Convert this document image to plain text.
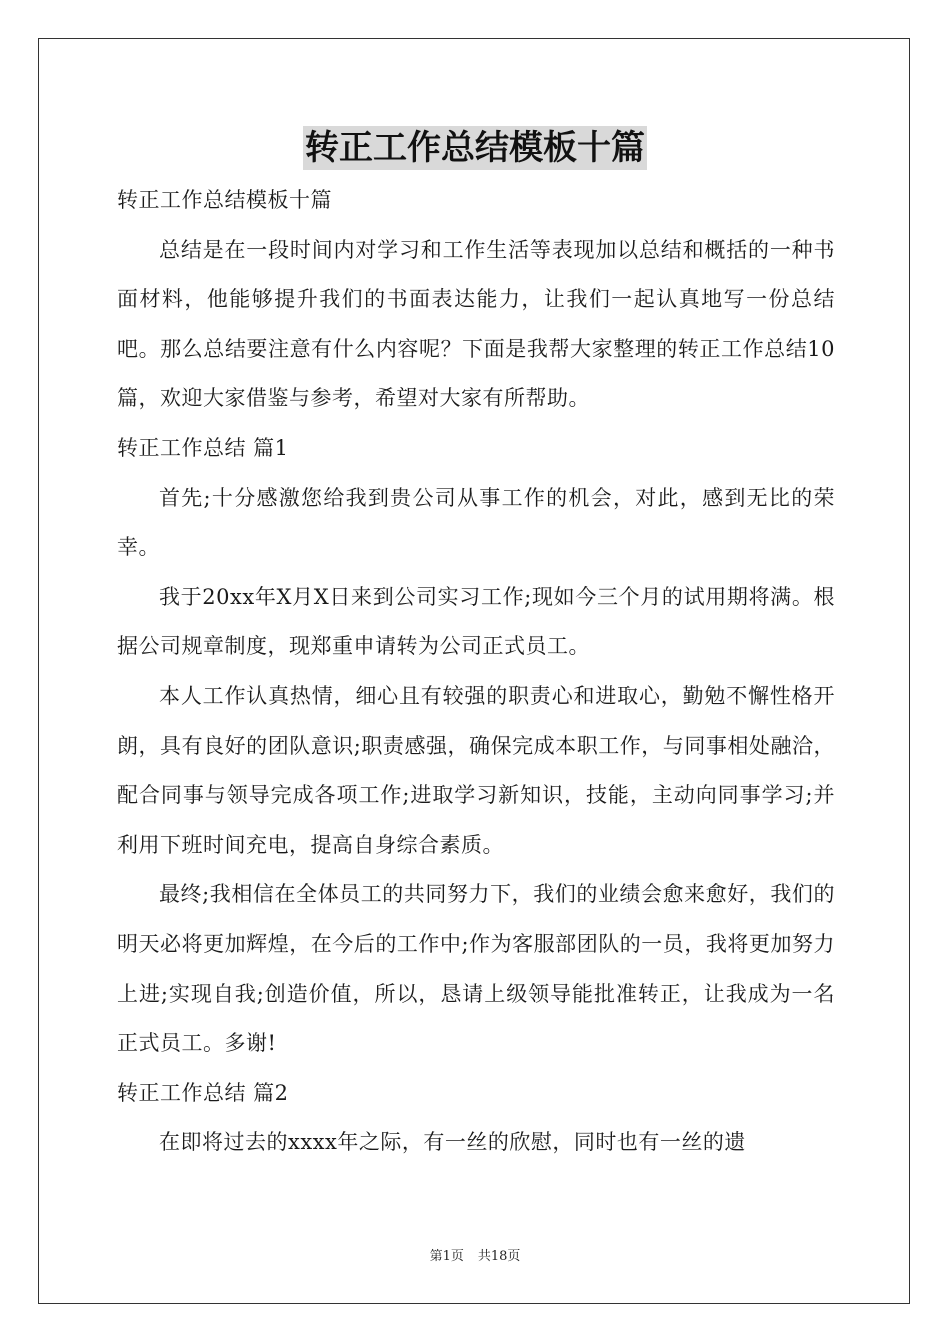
转正工作总结模板十篇

转正工作总结模板十篇

总结是在一段时间内对学习和工作生活等表现加以总结和概括的一种书面材料，他能够提升我们的书面表达能力，让我们一起认真地写一份总结吧。那么总结要注意有什么内容呢？下面是我帮大家整理的转正工作总结10篇，欢迎大家借鉴与参考，希望对大家有所帮助。

转正工作总结 篇1

首先;十分感激您给我到贵公司从事工作的机会，对此，感到无比的荣幸。

我于20xx年X月X日来到公司实习工作;现如今三个月的试用期将满。根据公司规章制度，现郑重申请转为公司正式员工。

本人工作认真热情，细心且有较强的职责心和进取心，勤勉不懈性格开朗，具有良好的团队意识;职责感强，确保完成本职工作，与同事相处融洽，配合同事与领导完成各项工作;进取学习新知识，技能，主动向同事学习;并利用下班时间充电，提高自身综合素质。

最终;我相信在全体员工的共同努力下，我们的业绩会愈来愈好，我们的明天必将更加辉煌，在今后的工作中;作为客服部团队的一员，我将更加努力上进;实现自我;创造价值，所以，恳请上级领导能批准转正，让我成为一名正式员工。多谢!

转正工作总结 篇2

在即将过去的xxxx年之际，有一丝的欣慰，同时也有一丝的遗

第1页 共18页
